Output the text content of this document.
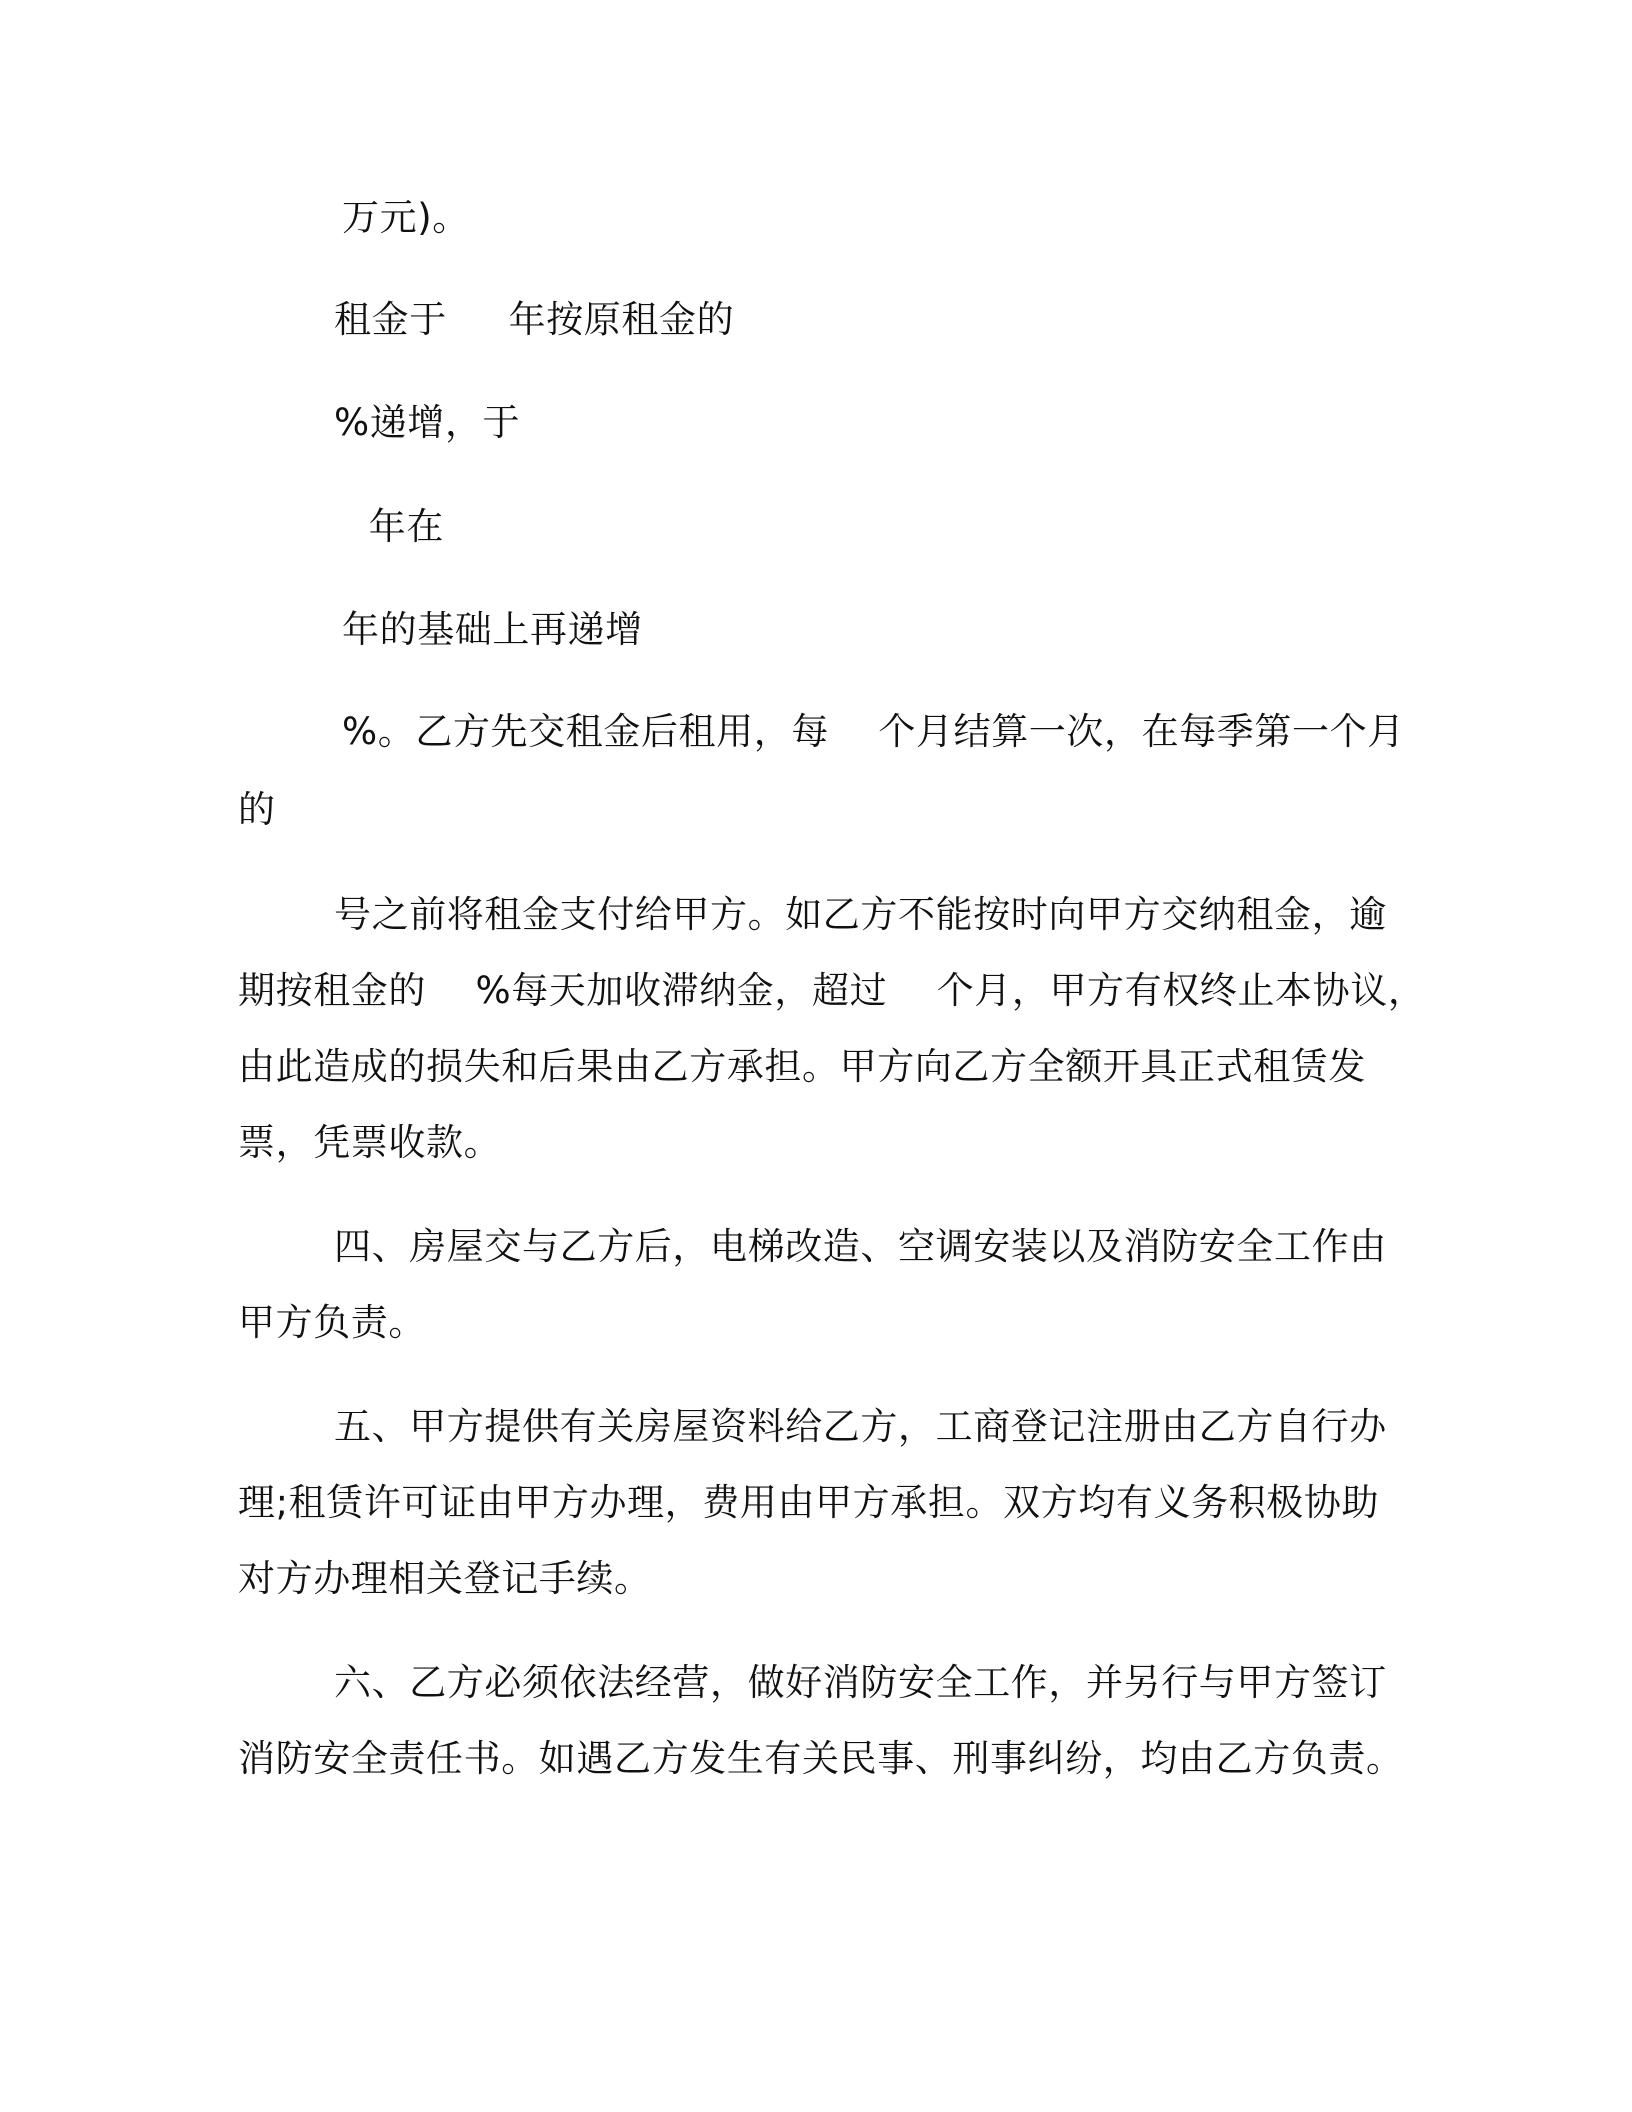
万元)。
租金于     年按原租金的
%递增，于
年在
年的基础上再递增
%。乙方先交租金后租用，每    个月结算一次，在每季第一个月
的
号之前将租金支付给甲方。如乙方不能按时向甲方交纳租金，逾
期按租金的    %每天加收滞纳金，超过    个月，甲方有权终止本协议，
由此造成的损失和后果由乙方承担。甲方向乙方全额开具正式租赁发
票，凭票收款。
四、房屋交与乙方后，电梯改造、空调安装以及消防安全工作由
甲方负责。
五、甲方提供有关房屋资料给乙方，工商登记注册由乙方自行办
理;租赁许可证由甲方办理，费用由甲方承担。双方均有义务积极协助
对方办理相关登记手续。
六、乙方必须依法经营，做好消防安全工作，并另行与甲方签订
消防安全责任书。如遇乙方发生有关民事、刑事纠纷，均由乙方负责。
